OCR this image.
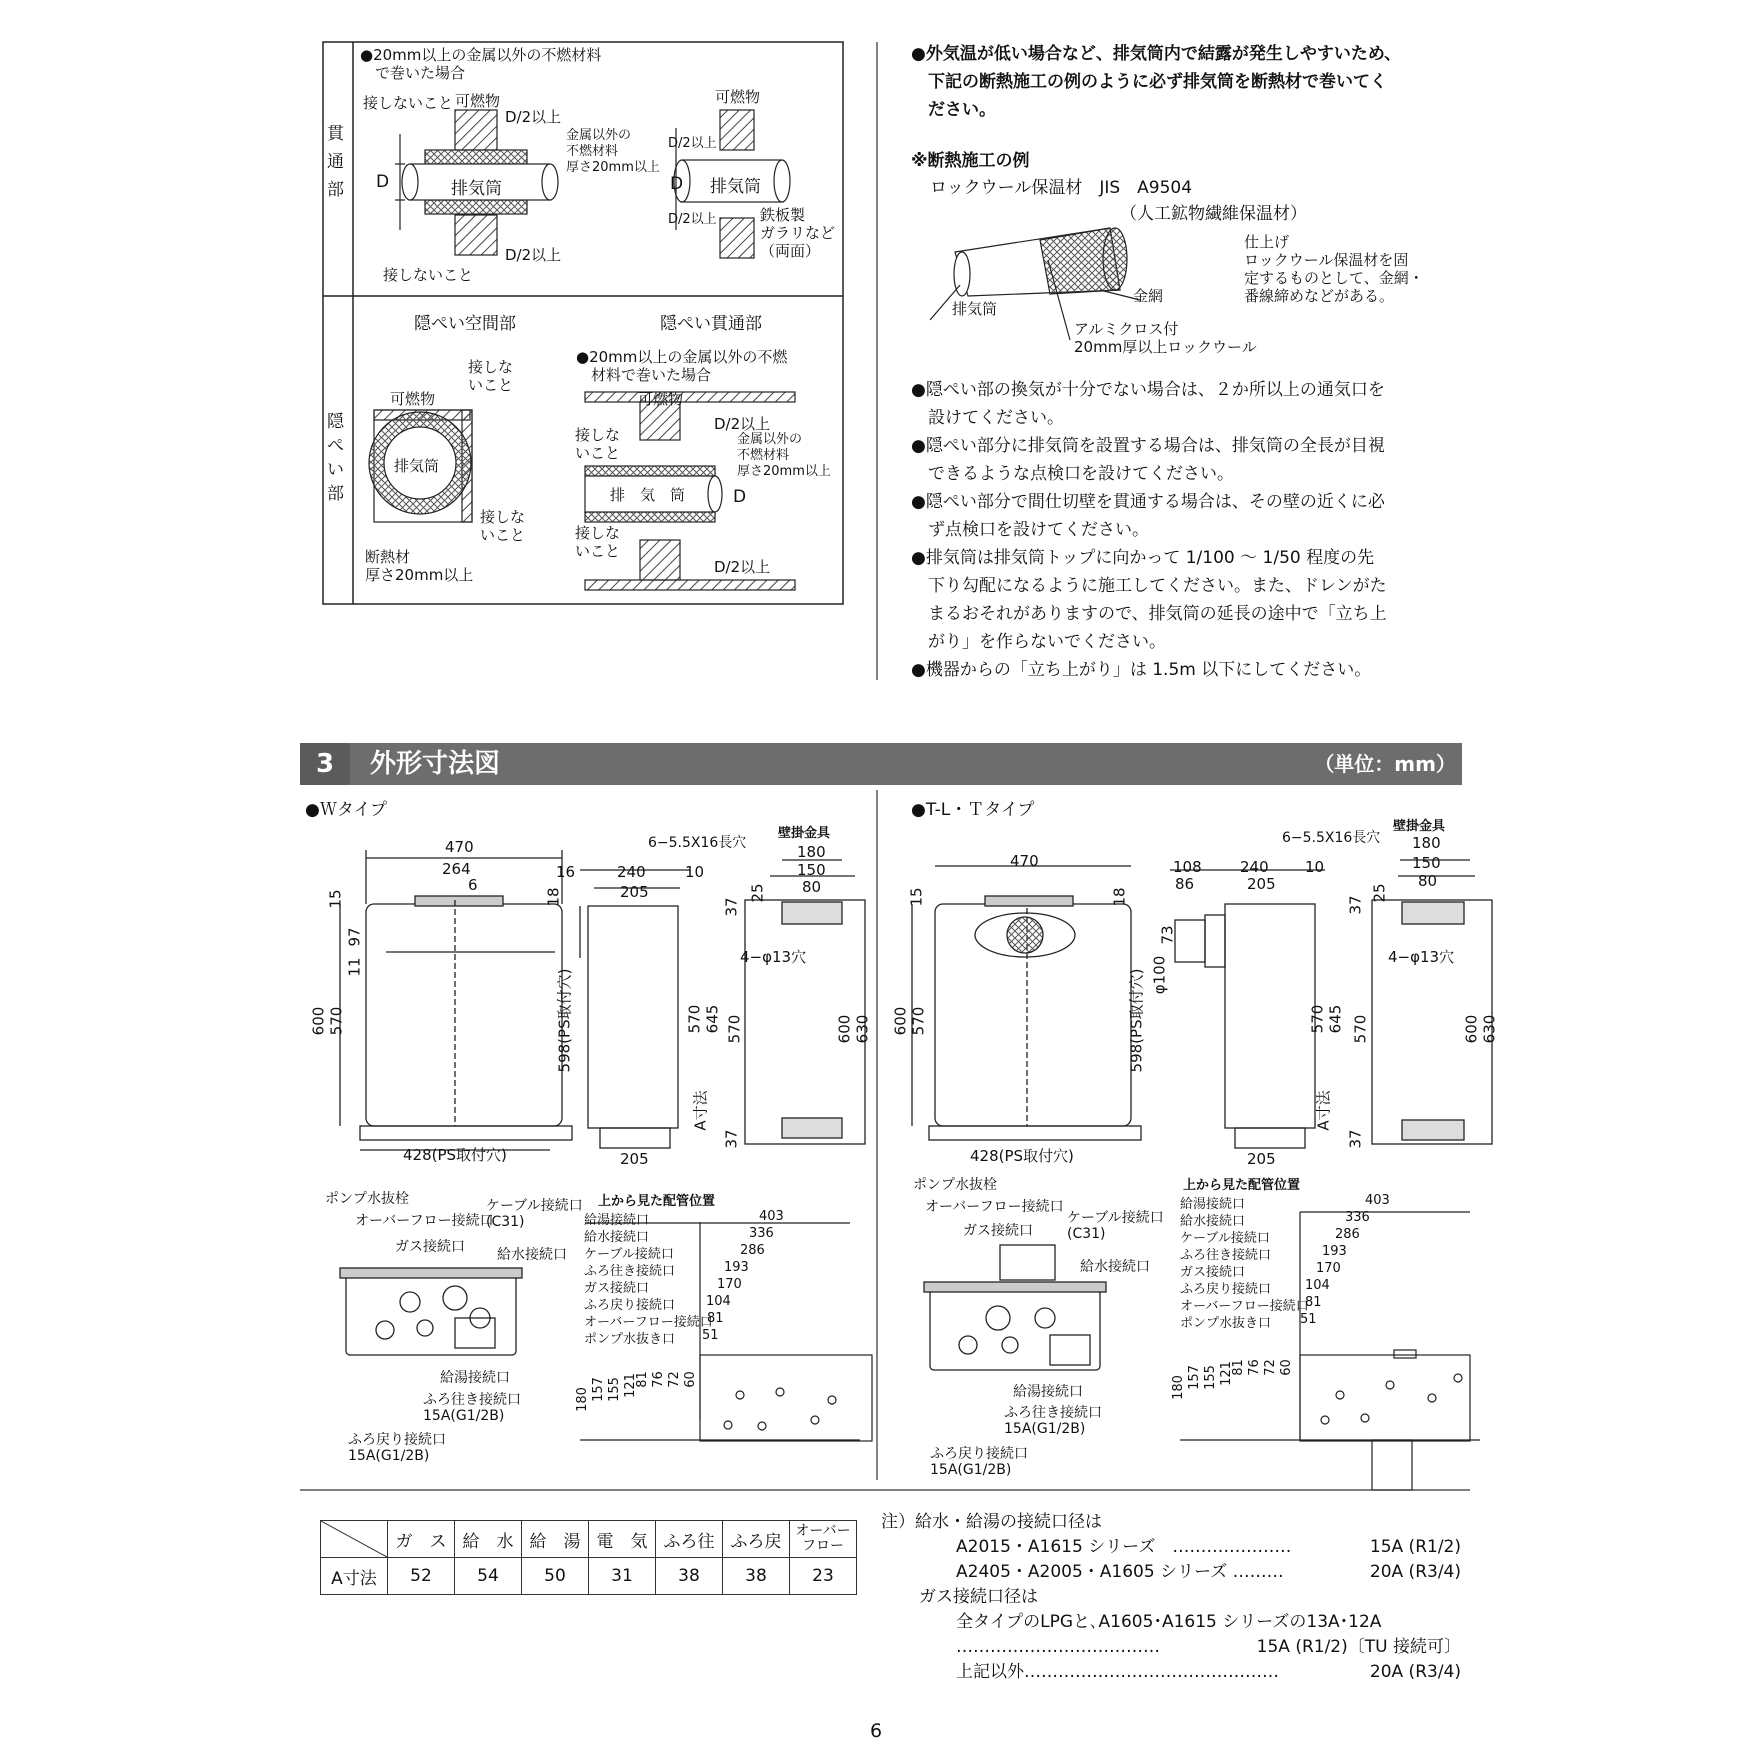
貫
通
部
●20mm以上の金属以外の不燃材料
　で巻いた場合
接しないこと 可燃物
D/2以上
金属以外の
不燃材料
厚さ20mm以上
D	排気筒
D/2以上
接しないこと
可燃物
D/2以上
D 排気筒
D/2以上	鉄板製
ガラリなど
（両面）
隠
ぺ
い
部
隠ぺい空間部	隠ぺい貫通部
接しな
いこと
可燃物
排気筒
接しな
いこと
断熱材
厚さ20mm以上
●20mm以上の金属以外の不燃
　材料で巻いた場合
可燃物
接しな
いこと
金属以外の
不燃材料
厚さ20mm以上
排　気　筒	D
D/2以上
接しな
いこと
D/2以上
●外気温が低い場合など、排気筒内で結露が発生しやすいため、
　下記の断熱施工の例のように必ず排気筒を断熱材で巻いてく
　ださい。
※断熱施工の例
ロックウール保温材　JIS　A9504
（人工鉱物繊維保温材）
仕上げ
ロックウール保温材を固
定するものとして、金網・
番線締めなどがある。
金網
排気筒
アルミクロス付
20mm厚以上ロックウール
●隠ぺい部の換気が十分でない場合は、２か所以上の通気口を
　設けてください。
●隠ぺい部分に排気筒を設置する場合は、排気筒の全長が目視
　できるような点検口を設けてください。
●隠ぺい部分で間仕切壁を貫通する場合は、その壁の近くに必
　ず点検口を設けてください。
●排気筒は排気筒トップに向かって 1/100 ～ 1/50 程度の先
　下り勾配になるように施工してください。また、ドレンがた
　まるおそれがありますので、排気筒の延長の途中で「立ち上
　がり」を作らないでください。
●機器からの「立ち上がり」は 1.5m 以下にしてください。
3	外形寸法図	（単位：mm）
●Ｗタイプ
470
264
6
16	240	10
205
15	18
97
11
600 570	598(PS取付穴)	570 645
A寸法
205
428(PS取付穴)
壁掛金具
6−5.5X16長穴	180
150
80
25
37
4−φ13穴
570	600 630
37
ポンプ水抜栓
オーバーフロー接続口
ガス接続口
ケーブル接続口
(C31)
給水接続口
給湯接続口
ふろ往き接続口
15A(G1/2B)
ふろ戻り接続口
15A(G1/2B)
上から見た配管位置
給湯接続口	403
給水接続口	336
ケーブル接続口	286
ふろ往き接続口	193
ガス接続口	170
ふろ戻り接続口 104
オーバーフロー接続口
81
ポンプ水抜き口 51
180 157 155 121
81 76 72 60
●T-L・Ｔタイプ
470	108
86
240 10
205
15	18
73
φ100
600 570	598(PS取付穴)	570 645
A寸法
205
428(PS取付穴)
壁掛金具
6−5.5X16長穴 180
150
80
25
37
4−φ13穴
570	600 630
37
ポンプ水抜栓
オーバーフロー接続口
ガス接続口
ケーブル接続口
(C31)
給水接続口
給湯接続口
ふろ往き接続口
15A(G1/2B)
ふろ戻り接続口
15A(G1/2B)
上から見た配管位置
給湯接続口	403
給水接続口	336
ケーブル接続口	286
ふろ往き接続口	193
ガス接続口	170
ふろ戻り接続口	104
オーバーフロー接続口
81
ポンプ水抜き口 51
180 157 155 121
81 76 72 60
	ガ　ス	給　水	給　湯	電　気	ふろ往	ふろ戻	オーバー
フロー
A寸法	52	54	50	31	38	38	23
注）給水・給湯の接続口径は
A2015・A1615 シリーズ　…………………	15A (R1/2)
A2405・A2005・A1605 シリーズ ………	20A (R3/4)
ガス接続口径は
全タイプのLPGと､A1605･A1615 シリーズの13A･12A
………………………………	15A (R1/2)〔TU 接続可〕
上記以外………………………………………	20A (R3/4)
6
